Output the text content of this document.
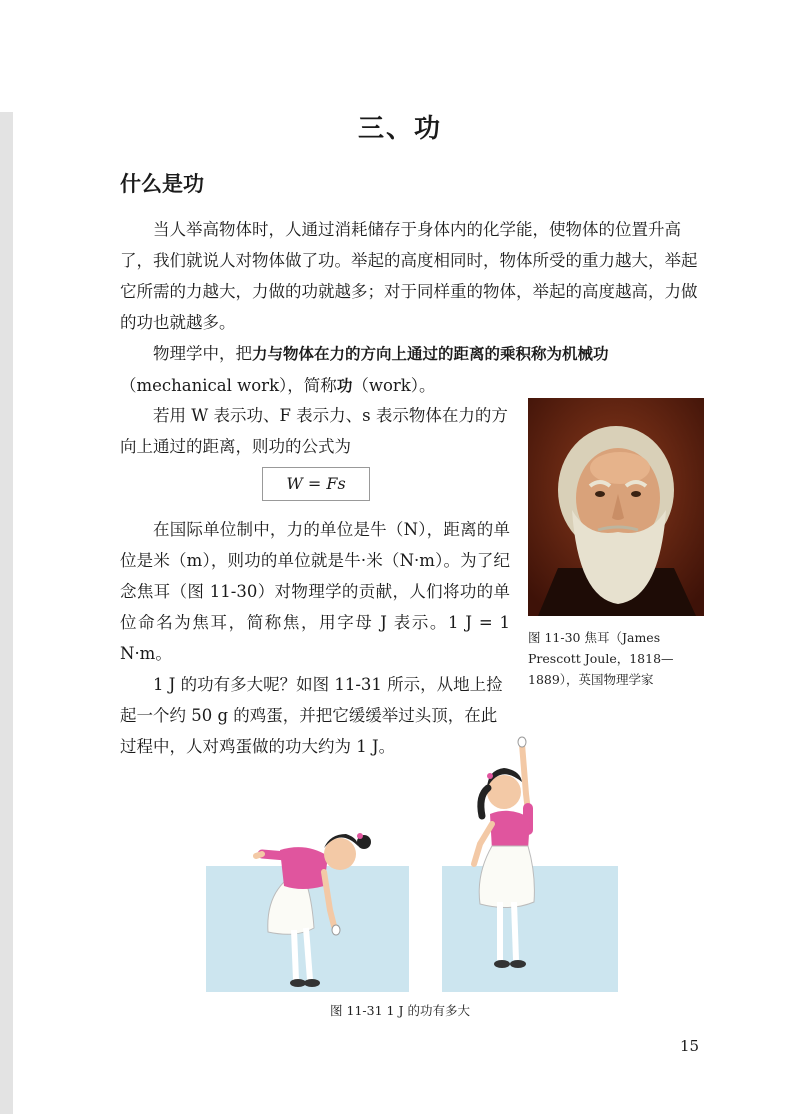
三、功
什么是功

当人举高物体时，人通过消耗储存于身体内的化学能，使物体的位置升高了，我们就说人对物体做了功。举起的高度相同时，物体所受的重力越大，举起它所需的力越大，力做的功就越多；对于同样重的物体，举起的高度越高，力做的功也就越多。

物理学中，把力与物体在力的方向上通过的距离的乘积称为机械功（mechanical work），简称功（work）。

若用 W 表示功、F 表示力、s 表示物体在力的方向上通过的距离，则功的公式为

W = Fs

在国际单位制中，力的单位是牛（N），距离的单位是米（m），则功的单位就是牛·米（N·m）。为了纪念焦耳（图 11-30）对物理学的贡献，人们将功的单位命名为焦耳，简称焦，用字母 J 表示。1 J = 1 N·m。

1 J 的功有多大呢？如图 11-31 所示，从地上捡起一个约 50 g 的鸡蛋，并把它缓缓举过头顶，在此过程中，人对鸡蛋做的功大约为 1 J。

图 11-30 焦耳（James Prescott Joule，1818—1889），英国物理学家
图 11-31 1 J 的功有多大
15
